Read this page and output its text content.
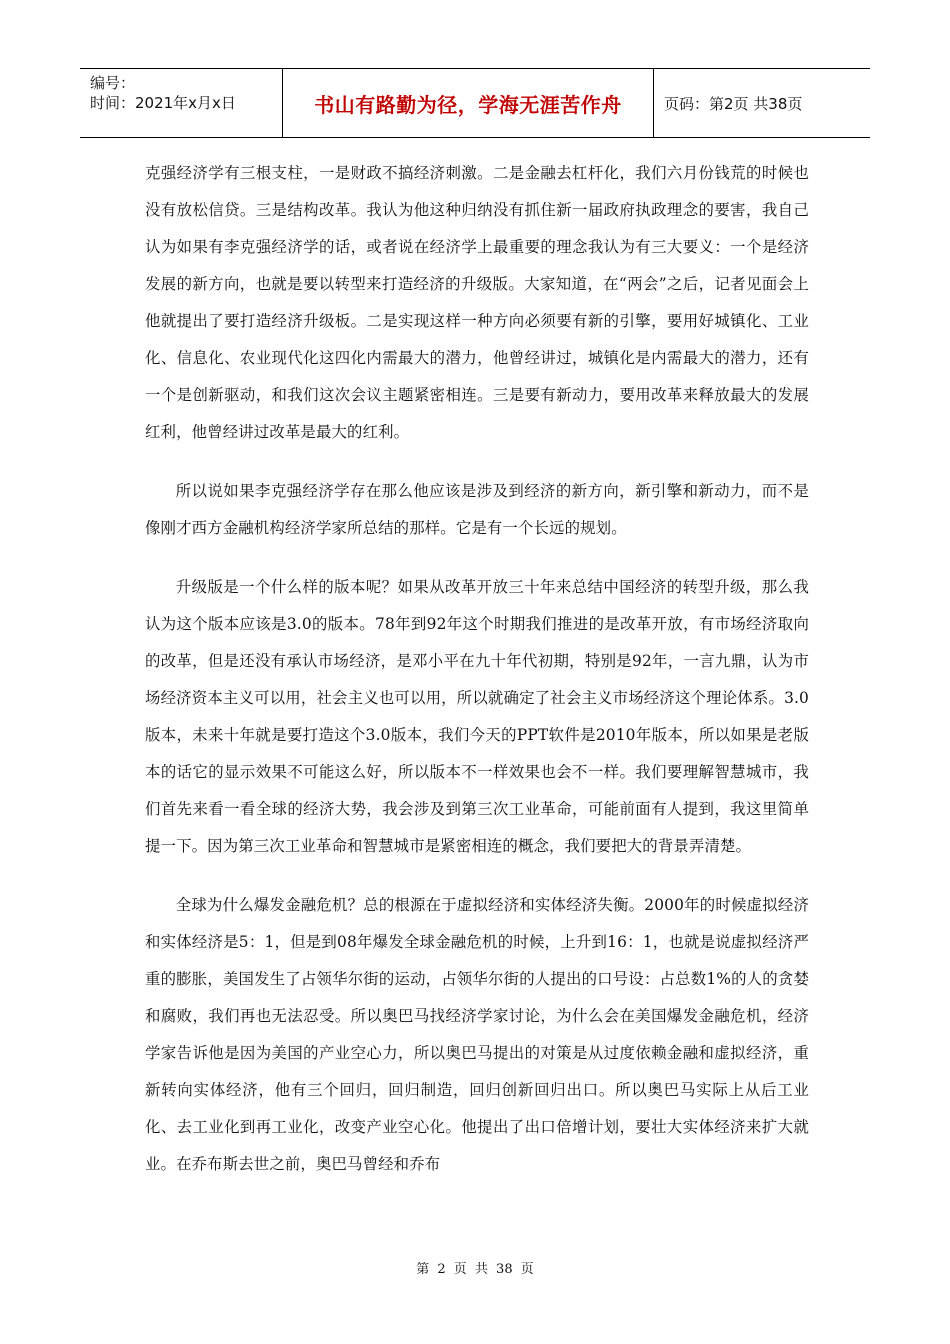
编号：
时间：2021年x月x日	书山有路勤为径，学海无涯苦作舟	页码：第2页 共38页

克强经济学有三根支柱，一是财政不搞经济刺激。二是金融去杠杆化，我们六月份钱荒的时候也没有放松信贷。三是结构改革。我认为他这种归纳没有抓住新一届政府执政理念的要害，我自己认为如果有李克强经济学的话，或者说在经济学上最重要的理念我认为有三大要义：一个是经济发展的新方向，也就是要以转型来打造经济的升级版。大家知道，在“两会”之后，记者见面会上他就提出了要打造经济升级板。二是实现这样一种方向必须要有新的引擎，要用好城镇化、工业化、信息化、农业现代化这四化内需最大的潜力，他曾经讲过，城镇化是内需最大的潜力，还有一个是创新驱动，和我们这次会议主题紧密相连。三是要有新动力，要用改革来释放最大的发展红利，他曾经讲过改革是最大的红利。

所以说如果李克强经济学存在那么他应该是涉及到经济的新方向，新引擎和新动力，而不是像刚才西方金融机构经济学家所总结的那样。它是有一个长远的规划。

升级版是一个什么样的版本呢？如果从改革开放三十年来总结中国经济的转型升级，那么我认为这个版本应该是3.0的版本。78年到92年这个时期我们推进的是改革开放，有市场经济取向的改革，但是还没有承认市场经济，是邓小平在九十年代初期，特别是92年，一言九鼎，认为市场经济资本主义可以用，社会主义也可以用，所以就确定了社会主义市场经济这个理论体系。3.0版本，未来十年就是要打造这个3.0版本，我们今天的PPT软件是2010年版本，所以如果是老版本的话它的显示效果不可能这么好，所以版本不一样效果也会不一样。我们要理解智慧城市，我们首先来看一看全球的经济大势，我会涉及到第三次工业革命，可能前面有人提到，我这里简单提一下。因为第三次工业革命和智慧城市是紧密相连的概念，我们要把大的背景弄清楚。

全球为什么爆发金融危机？总的根源在于虚拟经济和实体经济失衡。2000年的时候虚拟经济和实体经济是5：1，但是到08年爆发全球金融危机的时候，上升到16：1，也就是说虚拟经济严重的膨胀，美国发生了占领华尔街的运动，占领华尔街的人提出的口号设：占总数1%的人的贪婪和腐败，我们再也无法忍受。所以奥巴马找经济学家讨论，为什么会在美国爆发金融危机，经济学家告诉他是因为美国的产业空心力，所以奥巴马提出的对策是从过度依赖金融和虚拟经济，重新转向实体经济，他有三个回归，回归制造，回归创新回归出口。所以奥巴马实际上从后工业化、去工业化到再工业化，改变产业空心化。他提出了出口倍增计划，要壮大实体经济来扩大就业。在乔布斯去世之前，奥巴马曾经和乔布

第 2 页 共 38 页
